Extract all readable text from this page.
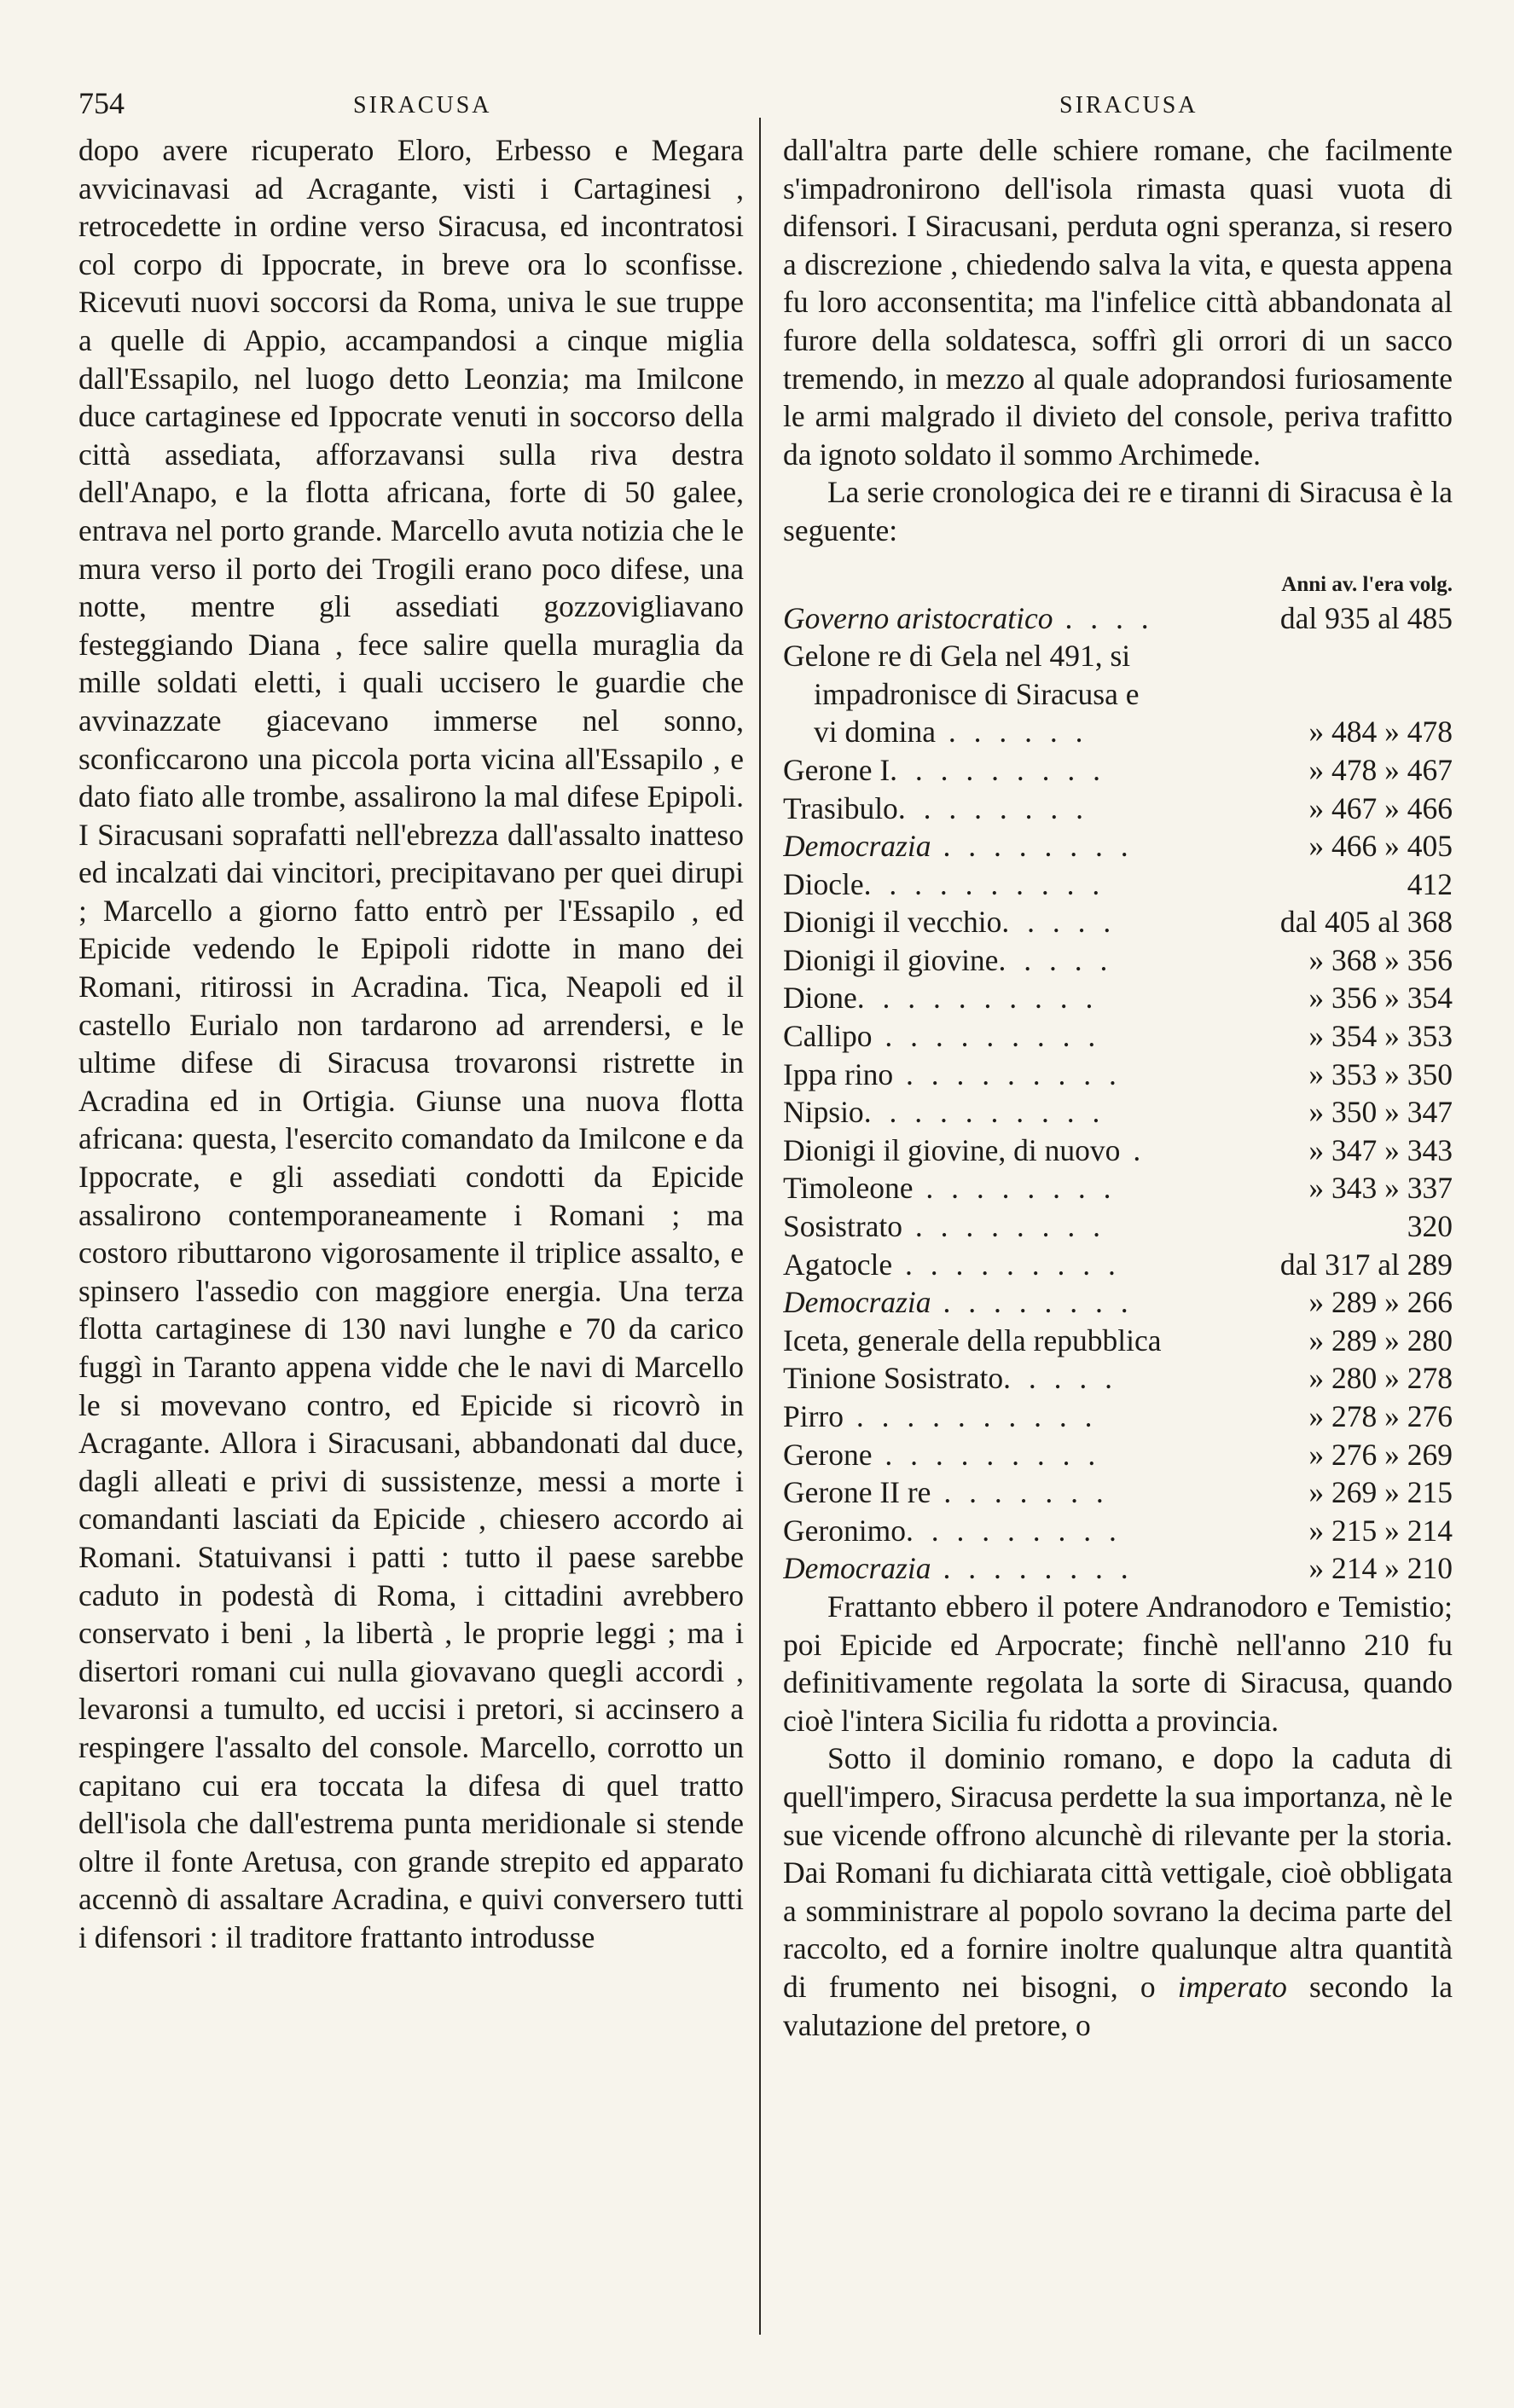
754	SIRACUSA	SIRACUSA

dopo avere ricuperato Eloro, Erbesso e Megara avvicinavasi ad Acragante, visti i Cartaginesi , retrocedette in ordine verso Siracusa, ed incontratosi col corpo di Ippocrate, in breve ora lo sconfisse. Ricevuti nuovi soccorsi da Roma, univa le sue truppe a quelle di Appio, accampandosi a cinque miglia dall'Essapilo, nel luogo detto Leonzia; ma Imilcone duce cartaginese ed Ippocrate venuti in soccorso della città assediata, afforzavansi sulla riva destra dell'Anapo, e la flotta africana, forte di 50 galee, entrava nel porto grande. Marcello avuta notizia che le mura verso il porto dei Trogili erano poco difese, una notte, mentre gli assediati gozzovigliavano festeggiando Diana , fece salire quella muraglia da mille soldati eletti, i quali uccisero le guardie che avvinazzate giacevano immerse nel sonno, sconficcarono una piccola porta vicina all'Essapilo , e dato fiato alle trombe, assalirono la mal difese Epipoli. I Siracusani soprafatti nell'ebrezza dall'assalto inatteso ed incalzati dai vincitori, precipitavano per quei dirupi ; Marcello a giorno fatto entrò per l'Essapilo , ed Epicide vedendo le Epipoli ridotte in mano dei Romani, ritirossi in Acradina. Tica, Neapoli ed il castello Eurialo non tardarono ad arrendersi, e le ultime difese di Siracusa trovaronsi ristrette in Acradina ed in Ortigia. Giunse una nuova flotta africana: questa, l'esercito comandato da Imilcone e da Ippocrate, e gli assediati condotti da Epicide assalirono contemporaneamente i Romani ; ma costoro ributtarono vigorosamente il triplice assalto, e spinsero l'assedio con maggiore energia. Una terza flotta cartaginese di 130 navi lunghe e 70 da carico fuggì in Taranto appena vidde che le navi di Marcello le si movevano contro, ed Epicide si ricovrò in Acragante. Allora i Siracusani, abbandonati dal duce, dagli alleati e privi di sussistenze, messi a morte i comandanti lasciati da Epicide , chiesero accordo ai Romani. Statuivansi i patti : tutto il paese sarebbe caduto in podestà di Roma, i cittadini avrebbero conservato i beni , la libertà , le proprie leggi ; ma i disertori romani cui nulla giovavano quegli accordi , levaronsi a tumulto, ed uccisi i pretori, si accinsero a respingere l'assalto del console. Marcello, corrotto un capitano cui era toccata la difesa di quel tratto dell'isola che dall'estrema punta meridionale si stende oltre il fonte Aretusa, con grande strepito ed apparato accennò di assaltare Acradina, e quivi conversero tutti i difensori : il traditore frattanto introdusse

dall'altra parte delle schiere romane, che facilmente s'impadronirono dell'isola rimasta quasi vuota di difensori. I Siracusani, perduta ogni speranza, si resero a discrezione , chiedendo salva la vita, e questa appena fu loro acconsentita; ma l'infelice città abbandonata al furore della soldatesca, soffrì gli orrori di un sacco tremendo, in mezzo al quale adoprandosi furiosamente le armi malgrado il divieto del console, periva trafitto da ignoto soldato il sommo Archimede.

La serie cronologica dei re e tiranni di Siracusa è la seguente:

Anni av. l'era volg.
Governo aristocratico . . . .	dal 935 al 485
Gelone re di Gela nel 491, si
impadronisce di Siracusa e
vi domina . . . . . .	» 484 » 478
Gerone I. . . . . . . . .	» 478 » 467
Trasibulo. . . . . . . .	» 467 » 466
Democrazia . . . . . . . .	» 466 » 405
Diocle. . . . . . . . . .	412
Dionigi il vecchio. . . . .	dal 405 al 368
Dionigi il giovine. . . . .	» 368 » 356
Dione. . . . . . . . . .	» 356 » 354
Callipo . . . . . . . . .	» 354 » 353
Ippa rino . . . . . . . . .	» 353 » 350
Nipsio. . . . . . . . . .	» 350 » 347
Dionigi il giovine, di nuovo .	» 347 » 343
Timoleone . . . . . . . .	» 343 » 337
Sosistrato . . . . . . . .	320
Agatocle . . . . . . . . .	dal 317 al 289
Democrazia . . . . . . . .	» 289 » 266
Iceta, generale della repubblica	» 289 » 280
Tinione Sosistrato. . . . .	» 280 » 278
Pirro . . . . . . . . . .	» 278 » 276
Gerone . . . . . . . . .	» 276 » 269
Gerone II re . . . . . . .	» 269 » 215
Geronimo. . . . . . . . .	» 215 » 214
Democrazia . . . . . . . .	» 214 » 210

Frattanto ebbero il potere Andranodoro e Temistio; poi Epicide ed Arpocrate; finchè nell'anno 210 fu definitivamente regolata la sorte di Siracusa, quando cioè l'intera Sicilia fu ridotta a provincia.

Sotto il dominio romano, e dopo la caduta di quell'impero, Siracusa perdette la sua importanza, nè le sue vicende offrono alcunchè di rilevante per la storia. Dai Romani fu dichiarata città vettigale, cioè obbligata a somministrare al popolo sovrano la decima parte del raccolto, ed a fornire inoltre qualunque altra quantità di frumento nei bisogni, o imperato secondo la valutazione del pretore, o
